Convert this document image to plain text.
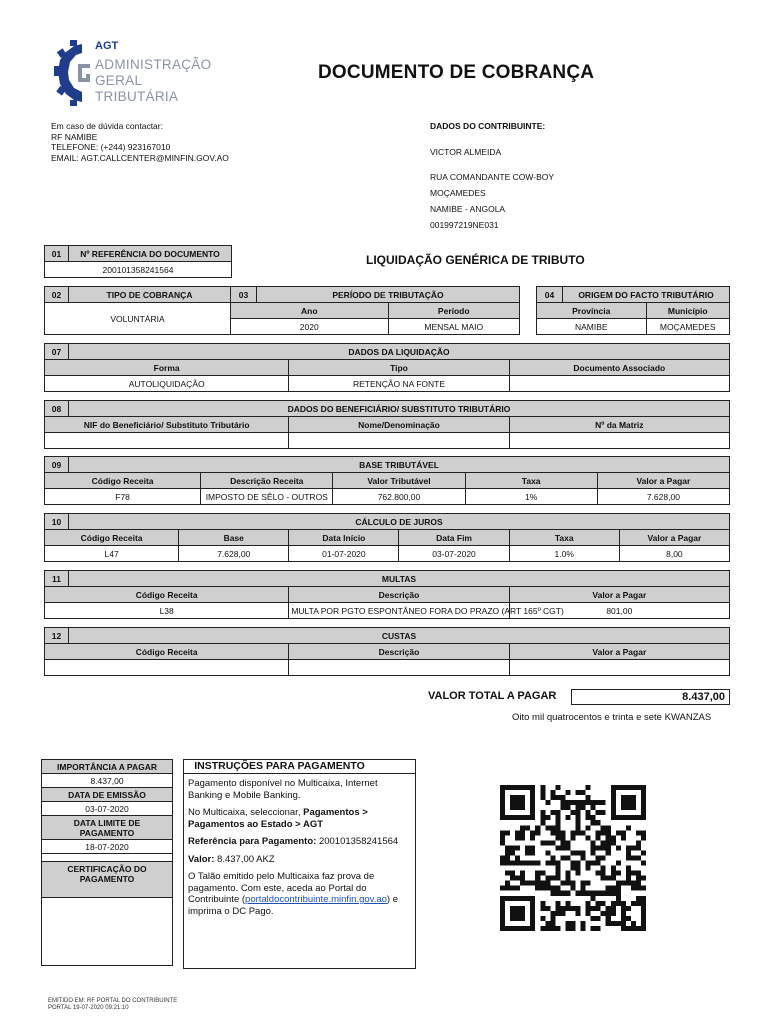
AGT
ADMINISTRAÇÃO
GERAL
TRIBUTÁRIA
DOCUMENTO DE COBRANÇA
Em caso de dúvida contactar:
RF NAMIBE
TELEFONE: (+244) 923167010
EMAIL: AGT.CALLCENTER@MINFIN.GOV.AO
DADOS DO CONTRIBUINTE:
VICTOR ALMEIDA
RUA COMANDANTE COW-BOY
MOÇAMEDES
NAMIBE - ANGOLA
001997219NE031
01	Nº REFERÊNCIA DO DOCUMENTO
200101358241564
LIQUIDAÇÃO GENÉRICA DE TRIBUTO
02	TIPO DE COBRANÇA	03	PERÍODO DE TRIBUTAÇÃO	
VOLUNTÁRIA		Ano		Período
		2020		MENSAL MAIO
04	ORIGEM DO FACTO TRIBUTÁRIO	
Província		Município
NAMIBE		MOÇAMEDES
07	DADOS DA LIQUIDAÇÃO		
Forma		Tipo	Documento Associado
AUTOLIQUIDAÇÃO		RETENÇÃO NA FONTE	
08	DADOS DO BENEFICIÁRIO/ SUBSTITUTO TRIBUTÁRIO		
NIF do Beneficiário/ Substituto Tributário		Nome/Denominação	Nº da Matriz

09	BASE TRIBUTÁVEL				
Código Receita		Descrição Receita	Valor Tributável	Taxa	Valor a Pagar
F78		IMPOSTO DE SÊLO - OUTROS	762.800,00	1%	7.628,00
10	CÁLCULO DE JUROS					
Código Receita		Base	Data Início	Data Fim	Taxa	Valor a Pagar
L47		7.628,00	01-07-2020	03-07-2020	1.0%	8,00
11	MULTAS		
Código Receita		Descrição	Valor a Pagar
L38		MULTA POR PGTO ESPONTÂNEO FORA DO PRAZO (ART 165º CGT)	801,00
12	CUSTAS		
Código Receita		Descrição	Valor a Pagar

VALOR TOTAL A PAGAR	8.437,00
Oito mil quatrocentos e trinta e sete KWANZAS
IMPORTÂNCIA A PAGAR
8.437,00
DATA DE EMISSÃO
03-07-2020
DATA LIMITE DE PAGAMENTO
18-07-2020

CERTIFICAÇÃO DO PAGAMENTO

INSTRUÇÕES PARA PAGAMENTO

Pagamento disponível no Multicaixa, Internet Banking e Mobile Banking.

No Multicaixa, seleccionar, Pagamentos > Pagamentos ao Estado > AGT

Referência para Pagamento: 200101358241564

Valor: 8.437,00 AKZ

O Talão emitido pelo Multicaixa faz prova de pagamento. Com este, aceda ao Portal do Contribuinte (portaldocontribuinte.minfin.gov.ao) e imprima o DC Pago.

EMITIDO EM: RF PORTAL DO CONTRIBUINTE
PORTAL 19-07-2020 09:21:10
